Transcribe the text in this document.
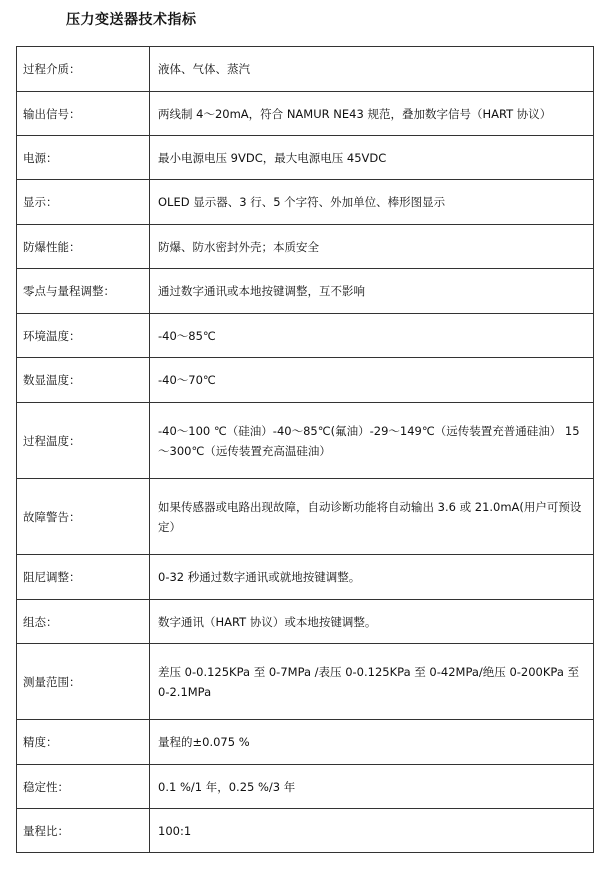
压力变送器技术指标
过程介质：	液体、气体、蒸汽
输出信号：	两线制 4～20mA，符合 NAMUR NE43 规范，叠加数字信号（HART 协议）
电源：	最小电源电压 9VDC，最大电源电压 45VDC
显示：	OLED 显示器、3 行、5 个字符、外加单位、棒形图显示
防爆性能：	防爆、防水密封外壳；本质安全
零点与量程调整：	通过数字通讯或本地按键调整，互不影响
环境温度：	-40～85℃
数显温度：	-40～70℃
过程温度：	-40～100 ℃（硅油）-40～85℃(氟油）-29～149℃（远传装置充普通硅油） 15～300℃（远传装置充高温硅油）
故障警告：	如果传感器或电路出现故障，自动诊断功能将自动输出 3.6 或 21.0mA(用户可预设定）
阻尼调整：	0-32 秒通过数字通讯或就地按键调整。
组态：	数字通讯（HART 协议）或本地按键调整。
测量范围：	差压 0-0.125KPa 至 0-7MPa /表压 0-0.125KPa 至 0-42MPa/绝压 0-200KPa 至 0-2.1MPa
精度：	量程的±0.075 %
稳定性：	0.1 %/1 年，0.25 %/3 年
量程比：	100:1
